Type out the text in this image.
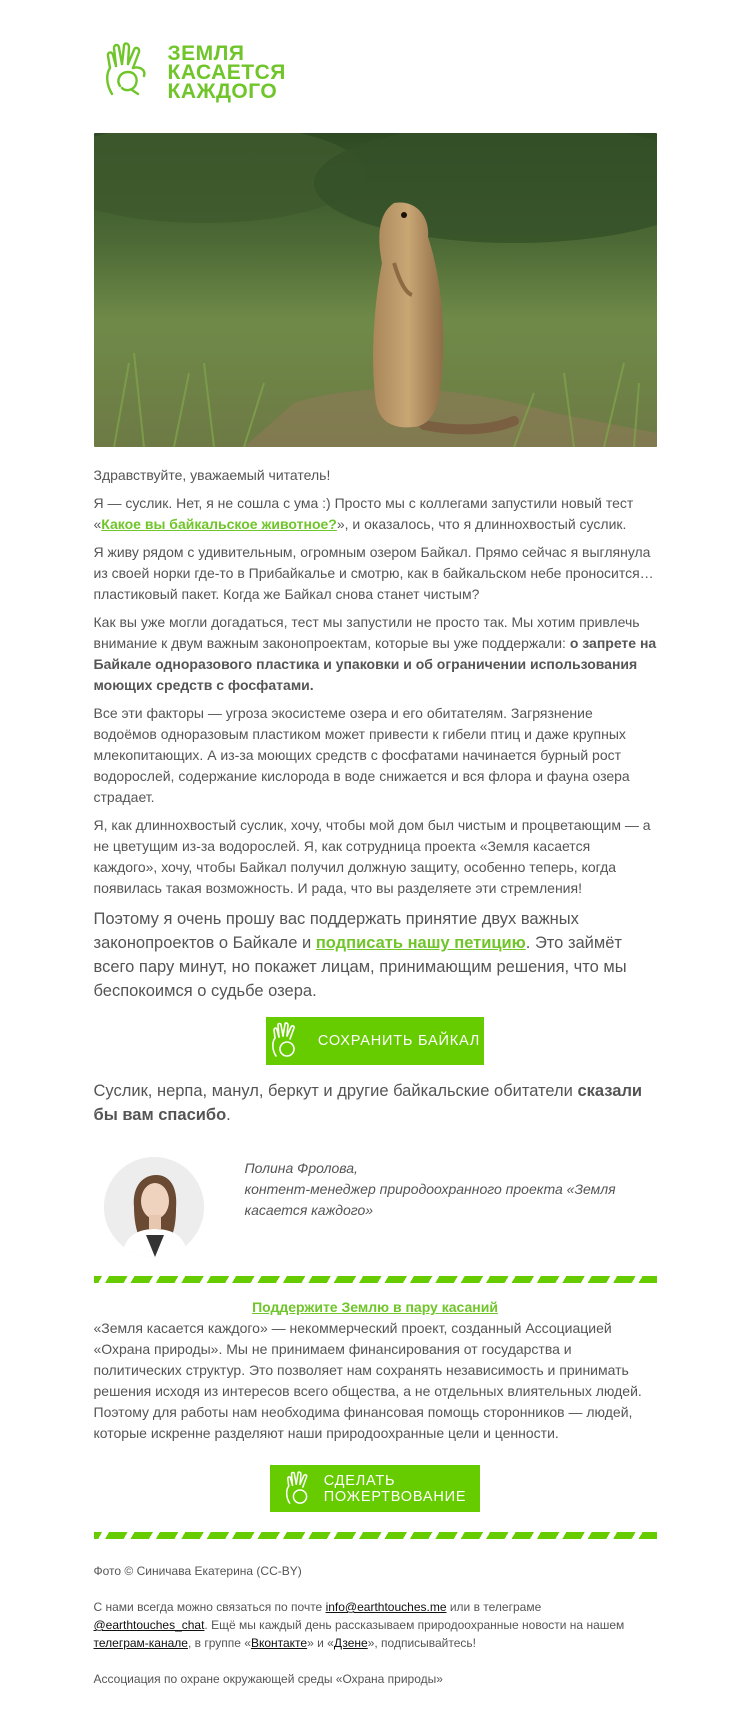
ЗЕМЛЯ
КАСАЕТСЯ
КАЖДОГО

Здравствуйте, уважаемый читатель!

Я — суслик. Нет, я не сошла с ума :) Просто мы с коллегами запустили новый тест «Какое вы байкальское животное?», и оказалось, что я длиннохвостый суслик.

Я живу рядом с удивительным, огромным озером Байкал. Прямо сейчас я выглянула из своей норки где-то в Прибайкалье и смотрю, как в байкальском небе проносится… пластиковый пакет. Когда же Байкал снова станет чистым?

Как вы уже могли догадаться, тест мы запустили не просто так. Мы хотим привлечь внимание к двум важным законопроектам, которые вы уже поддержали: о запрете на Байкале одноразового пластика и упаковки и об ограничении использования моющих средств с фосфатами.

Все эти факторы — угроза экосистеме озера и его обитателям. Загрязнение водоёмов одноразовым пластиком может привести к гибели птиц и даже крупных млекопитающих. А из-за моющих средств с фосфатами начинается бурный рост водорослей, содержание кислорода в воде снижается и вся флора и фауна озера страдает.

Я, как длиннохвостый суслик, хочу, чтобы мой дом был чистым и процветающим — а не цветущим из-за водорослей. Я, как сотрудница проекта «Земля касается каждого», хочу, чтобы Байкал получил должную защиту, особенно теперь, когда появилась такая возможность. И рада, что вы разделяете эти стремления!

Поэтому я очень прошу вас поддержать принятие двух важных законопроектов о Байкале и подписать нашу петицию. Это займёт всего пару минут, но покажет лицам, принимающим решения, что мы беспокоимся о судьбе озера.

СОХРАНИТЬ БАЙКАЛ

Суслик, нерпа, манул, беркут и другие байкальские обитатели сказали бы вам спасибо.

Полина Фролова,
контент-менеджер природоохранного проекта «Земля касается каждого»
Поддержите Землю в пару касаний

«Земля касается каждого» — некоммерческий проект, созданный Ассоциацией «Охрана природы». Мы не принимаем финансирования от государства и политических структур. Это позволяет нам сохранять независимость и принимать решения исходя из интересов всего общества, а не отдельных влиятельных людей. Поэтому для работы нам необходима финансовая помощь сторонников — людей, которые искренне разделяют наши природоохранные цели и ценности.

СДЕЛАТЬ
ПОЖЕРТВОВАНИЕ

Фото © Синичава Екатерина (CC-BY)

С нами всегда можно связаться по почте info@earthtouches.me или в телеграме @earthtouches_chat. Ещё мы каждый день рассказываем природоохранные новости на нашем телеграм-канале, в группе «Вконтакте» и «Дзене», подписывайтесь!

Ассоциация по охране окружающей среды «Охрана природы»
